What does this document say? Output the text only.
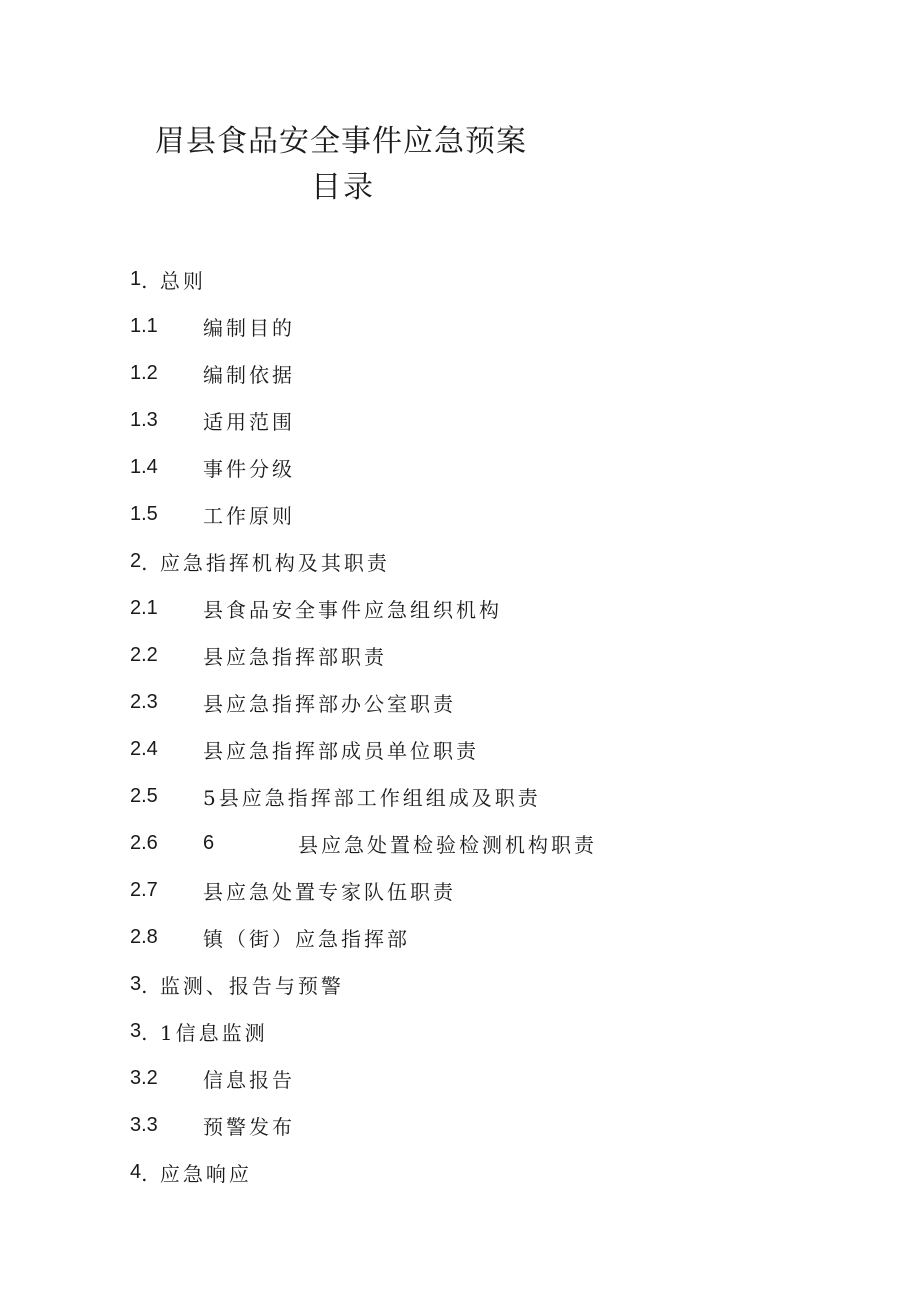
眉县食品安全事件应急预案
目录
1 . 总则
1.1	编制目的
1.2	编制依据
1.3	适用范围
1.4	事件分级
1.5	工作原则
2 . 应急指挥机构及其职责
2.1	县食品安全事件应急组织机构
2.2	县应急指挥部职责
2.3	县应急指挥部办公室职责
2.4	县应急指挥部成员单位职责
2.5	5县应急指挥部工作组组成及职责
2.6	6	县应急处置检验检测机构职责
2.7	县应急处置专家队伍职责
2.8	镇（街）应急指挥部
3 . 监测、报告与预警
3 . 1信息监测
3.2	信息报告
3.3	预警发布
4 . 应急响应
